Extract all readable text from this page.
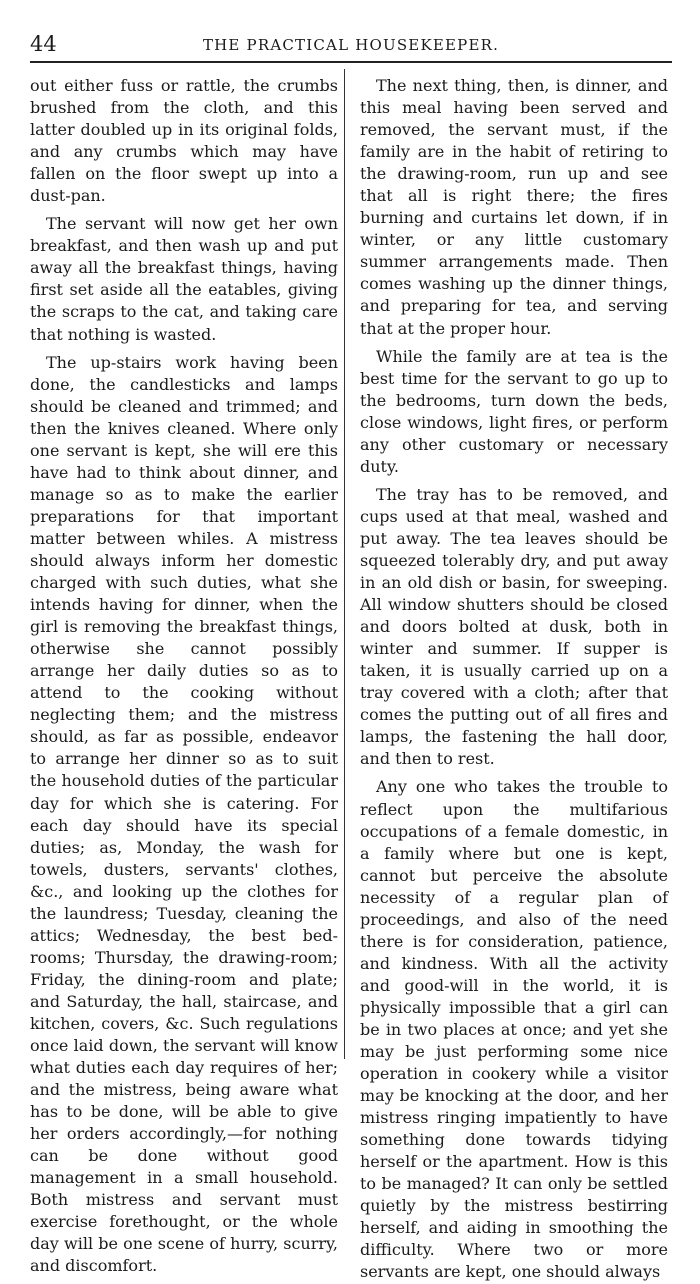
44	THE PRACTICAL HOUSEKEEPER.

out either fuss or rattle, the crumbs brushed from the cloth, and this latter doubled up in its original folds, and any crumbs which may have fallen on the floor swept up into a dust-pan.

The servant will now get her own breakfast, and then wash up and put away all the breakfast things, having first set aside all the eatables, giving the scraps to the cat, and taking care that nothing is wasted.

The up-stairs work having been done, the candlesticks and lamps should be cleaned and trimmed; and then the knives cleaned. Where only one servant is kept, she will ere this have had to think about dinner, and manage so as to make the earlier preparations for that important matter between whiles. A mistress should always inform her domestic charged with such duties, what she intends having for dinner, when the girl is removing the breakfast things, otherwise she cannot possibly arrange her daily duties so as to attend to the cooking without neglecting them; and the mistress should, as far as possible, endeavor to arrange her dinner so as to suit the household duties of the particular day for which she is catering. For each day should have its special duties; as, Monday, the wash for towels, dusters, servants' clothes, &c., and looking up the clothes for the laundress; Tuesday, cleaning the attics; Wednesday, the best bed-rooms; Thursday, the drawing-room; Friday, the dining-room and plate; and Saturday, the hall, staircase, and kitchen, covers, &c. Such regulations once laid down, the servant will know what duties each day requires of her; and the mistress, being aware what has to be done, will be able to give her orders accordingly,—for nothing can be done without good management in a small household. Both mistress and servant must exercise forethought, or the whole day will be one scene of hurry, scurry, and discomfort.

The next thing, then, is dinner, and this meal having been served and removed, the servant must, if the family are in the habit of retiring to the drawing-room, run up and see that all is right there; the fires burning and curtains let down, if in winter, or any little customary summer arrangements made. Then comes washing up the dinner things, and preparing for tea, and serving that at the proper hour.

While the family are at tea is the best time for the servant to go up to the bedrooms, turn down the beds, close windows, light fires, or perform any other customary or necessary duty.

The tray has to be removed, and cups used at that meal, washed and put away. The tea leaves should be squeezed tolerably dry, and put away in an old dish or basin, for sweeping. All window shutters should be closed and doors bolted at dusk, both in winter and summer. If supper is taken, it is usually carried up on a tray covered with a cloth; after that comes the putting out of all fires and lamps, the fastening the hall door, and then to rest.

Any one who takes the trouble to reflect upon the multifarious occupations of a female domestic, in a family where but one is kept, cannot but perceive the absolute necessity of a regular plan of proceedings, and also of the need there is for consideration, patience, and kindness. With all the activity and good-will in the world, it is physically impossible that a girl can be in two places at once; and yet she may be just performing some nice operation in cookery while a visitor may be knocking at the door, and her mistress ringing impatiently to have something done towards tidying herself or the apartment. How is this to be managed? It can only be settled quietly by the mistress bestirring herself, and aiding in smoothing the difficulty. Where two or more servants are kept, one should always
